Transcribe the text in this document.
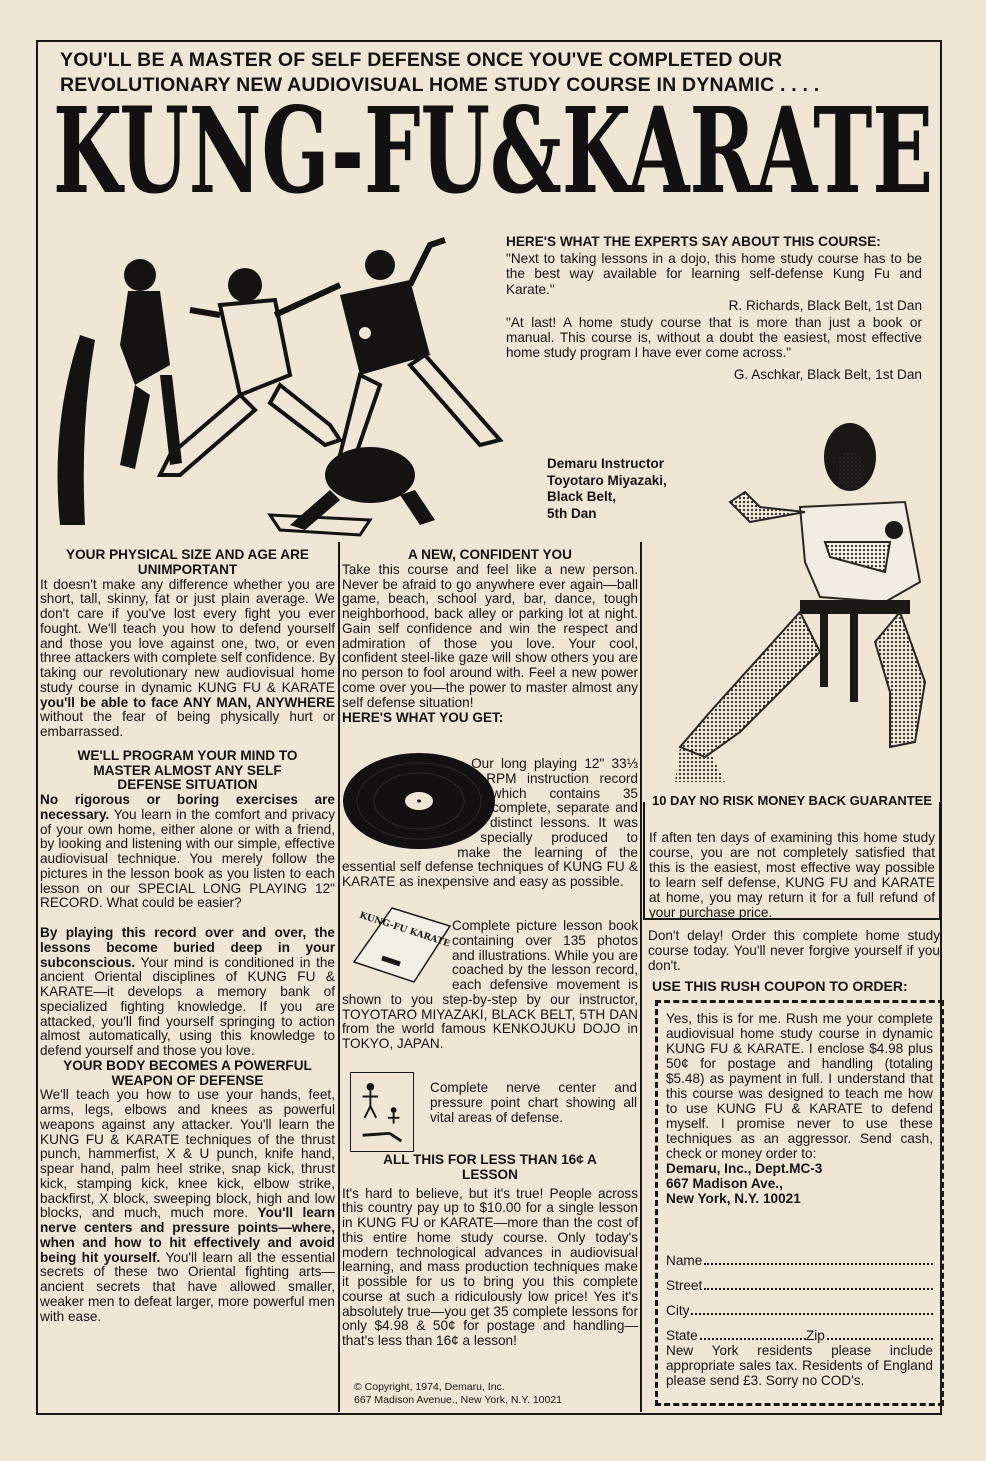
YOU'LL BE A MASTER OF SELF DEFENSE ONCE YOU'VE COMPLETED OUR
REVOLUTIONARY NEW AUDIOVISUAL HOME STUDY COURSE IN DYNAMIC . . . .
KUNG-FU&KARATE
HERE'S WHAT THE EXPERTS SAY ABOUT THIS COURSE:

"Next to taking lessons in a dojo, this home study course has to be the best way available for learning self-defense Kung Fu and Karate."

R. Richards, Black Belt, 1st Dan

"At last! A home study course that is more than just a book or manual. This course is, without a doubt the easiest, most effective home study program I have ever come across."

G. Aschkar, Black Belt, 1st Dan
Demaru Instructor
Toyotaro Miyazaki,
Black Belt,
5th Dan

YOUR PHYSICAL SIZE AND AGE ARE UNIMPORTANT

It doesn't make any difference whether you are short, tall, skinny, fat or just plain average. We don't care if you've lost every fight you ever fought. We'll teach you how to defend yourself and those you love against one, two, or even three attackers with complete self confidence. By taking our revolutionary new audiovisual home study course in dynamic KUNG FU & KARATE you'll be able to face ANY MAN, ANYWHERE without the fear of being physically hurt or embarrassed.

WE'LL PROGRAM YOUR MIND TO MASTER ALMOST ANY SELF DEFENSE SITUATION

No rigorous or boring exercises are necessary. You learn in the comfort and privacy of your own home, either alone or with a friend, by looking and listening with our simple, effective audiovisual technique. You merely follow the pictures in the lesson book as you listen to each lesson on our SPECIAL LONG PLAYING 12" RECORD. What could be easier?

By playing this record over and over, the lessons become buried deep in your subconscious. Your mind is conditioned in the ancient Oriental disciplines of KUNG FU & KARATE—it develops a memory bank of specialized fighting knowledge. If you are attacked, you'll find yourself springing to action almost automatically, using this knowledge to defend yourself and those you love.

YOUR BODY BECOMES A POWERFUL WEAPON OF DEFENSE

We'll teach you how to use your hands, feet, arms, legs, elbows and knees as powerful weapons against any attacker. You'll learn the KUNG FU & KARATE techniques of the thrust punch, hammerfist, X & U punch, knife hand, spear hand, palm heel strike, snap kick, thrust kick, stamping kick, knee kick, elbow strike, backfirst, X block, sweeping block, high and low blocks, and much, much more. You'll learn nerve centers and pressure points—where, when and how to hit effectively and avoid being hit yourself. You'll learn all the essential secrets of these two Oriental fighting arts—ancient secrets that have allowed smaller, weaker men to defeat larger, more powerful men with ease.

A NEW, CONFIDENT YOU

Take this course and feel like a new person. Never be afraid to go anywhere ever again—ball game, beach, school yard, bar, dance, tough neighborhood, back alley or parking lot at night. Gain self confidence and win the respect and admiration of those you love. Your cool, confident steel-like gaze will show others you are no person to fool around with. Feel a new power come over you—the power to master almost any self defense situation!

HERE'S WHAT YOU GET:

Our long playing 12" 33⅓ RPM instruction record which contains 35 complete, separate and distinct lessons. It was specially produced to make the learning of the essential self defense techniques of KUNG FU & KARATE as inexpensive and easy as possible.
KUNG-FU KARATE Complete picture lesson book containing over 135 photos and illustrations. While you are coached by the lesson record, each defensive movement is shown to you step-by-step by our instructor, TOYOTARO MIYAZAKI, BLACK BELT, 5TH DAN from the world famous KENKOJUKU DOJO in TOKYO, JAPAN.
Complete nerve center and pressure point chart showing all vital areas of defense.

ALL THIS FOR LESS THAN 16¢ A LESSON

It's hard to believe, but it's true! People across this country pay up to $10.00 for a single lesson in KUNG FU or KARATE—more than the cost of this entire home study course. Only today's modern technological advances in audiovisual learning, and mass production techniques make it possible for us to bring you this complete course at such a ridiculously low price! Yes it's absolutely true—you get 35 complete lessons for only $4.98 & 50¢ for postage and handling—that's less than 16¢ a lesson!

© Copyright, 1974, Demaru, Inc.
667 Madison Avenue., New York, N.Y. 10021
10 DAY NO RISK MONEY BACK GUARANTEE
If aften ten days of examining this home study course, you are not completely satisfied that this is the easiest, most effective way possible to learn self defense, KUNG FU and KARATE at home, you may return it for a full refund of your purchase price.
Don't delay! Order this complete home study course today. You'll never forgive yourself if you don't.
USE THIS RUSH COUPON TO ORDER:
Yes, this is for me. Rush me your complete audiovisual home study course in dynamic KUNG FU & KARATE. I enclose $4.98 plus 50¢ for postage and handling (totaling $5.48) as payment in full. I understand that this course was designed to teach me how to use KUNG FU & KARATE to defend myself. I promise never to use these techniques as an aggressor. Send cash, check or money order to:
Demaru, Inc., Dept.MC-3
667 Madison Ave.,
New York, N.Y. 10021
Name
Street
City
State	Zip
New York residents please include appropriate sales tax. Residents of England please send £3. Sorry no COD's.
